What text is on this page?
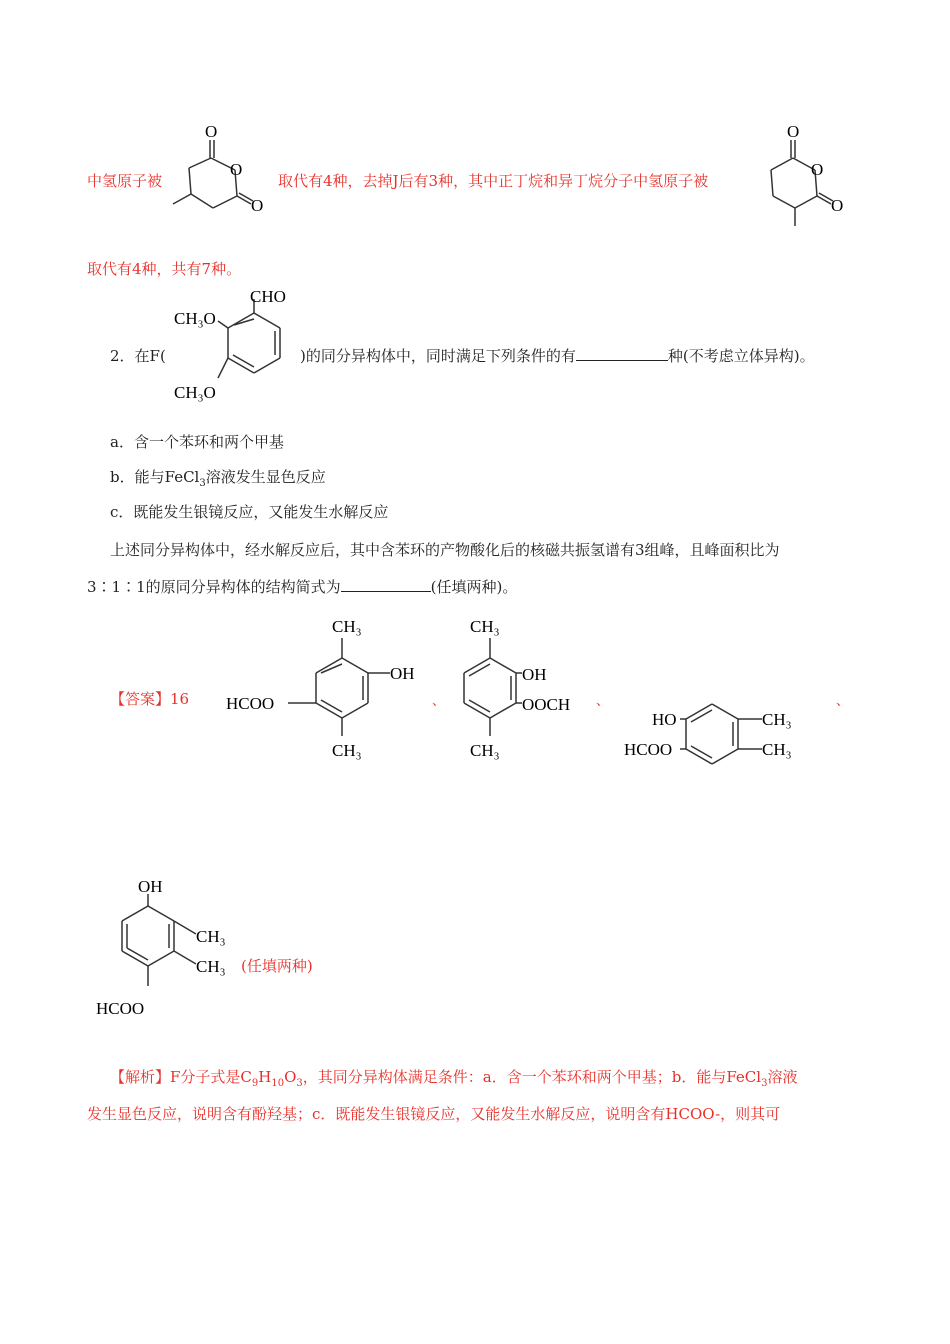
中氢原子被
O
O
O
取代有4种，去掉J后有3种，其中正丁烷和异丁烷分子中氢原子被
O
O
O
取代有4种，共有7种。
2．在F(
CHO
CH₃O
CH₃O
)的同分异构体中，同时满足下列条件的有	种(不考虑立体异构)。
a．含一个苯环和两个甲基
b．能与FeCl$_3$溶液发生显色反应
c．既能发生银镜反应，又能发生水解反应
上述同分异构体中，经水解反应后，其中含苯环的产物酸化后的核磁共振氢谱有3组峰，且峰面积比为
3∶1∶1的原同分异构体的结构简式为	(任填两种)。
【答案】16
CH₃
OH
CH₃
HCOO	、
CH₃
OH
OOCH
CH₃
、
HO
HCOO
CH₃
CH₃
、
OH
CH₃
CH₃
HCOO
(任填两种)
【解析】F分子式是$C_9H_{10}O_3$，其同分异构体满足条件：a．含一个苯环和两个甲基；b．能与FeCl$_3$溶液
发生显色反应，说明含有酚羟基；c．既能发生银镜反应，又能发生水解反应，说明含有HCOO-，则其可
